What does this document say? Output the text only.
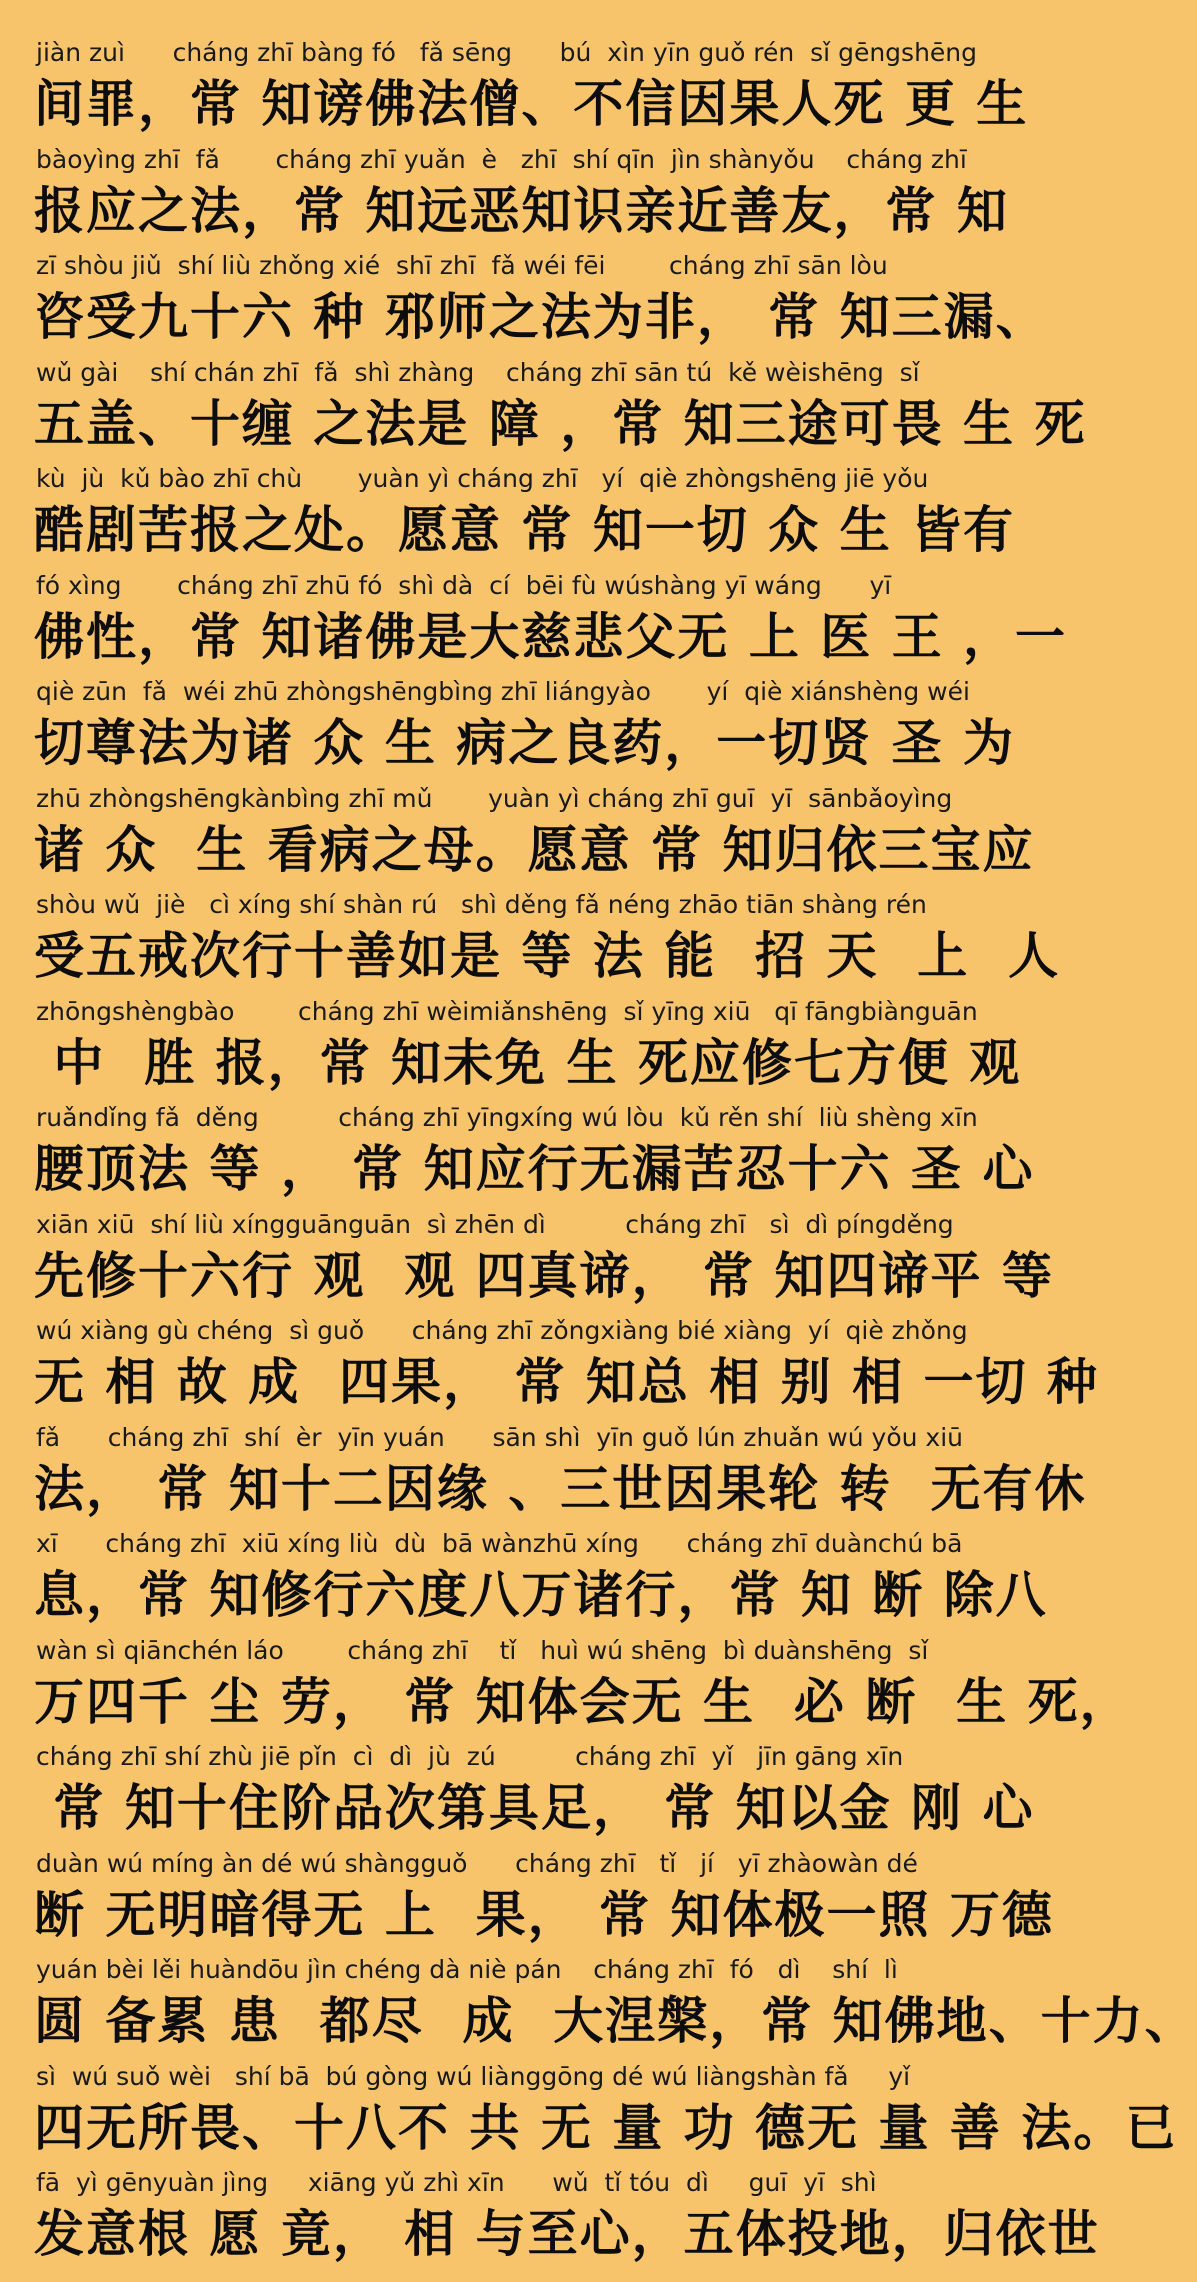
jiàn zuì      cháng zhī bàng fó   fǎ sēng      bú  xìn yīn guǒ rén  sǐ gēngshēng
间罪，常 知谤佛法僧、不信因果人死 更 生
bàoyìng zhī  fǎ       cháng zhī yuǎn  è   zhī  shí qīn  jìn shànyǒu    cháng zhī
报应之法，常 知远恶知识亲近善友，常 知
zī shòu jiǔ  shí liù zhǒng xié  shī zhī  fǎ wéi fēi        cháng zhī sān lòu
咨受九十六 种 邪师之法为非， 常 知三漏、
wǔ gài    shí chán zhī  fǎ  shì zhàng    cháng zhī sān tú  kě wèishēng  sǐ
五盖、十缠 之法是 障 ，常 知三途可畏 生 死
kù  jù  kǔ bào zhī chù       yuàn yì cháng zhī   yí  qiè zhòngshēng jiē yǒu
酷剧苦报之处。愿意 常 知一切 众 生 皆有
fó xìng       cháng zhī zhū fó  shì dà  cí  bēi fù wúshàng yī wáng      yī
佛性，常 知诸佛是大慈悲父无 上 医 王 ，一
qiè zūn  fǎ  wéi zhū zhòngshēngbìng zhī liángyào       yí  qiè xiánshèng wéi
切尊法为诸 众 生 病之良药，一切贤 圣 为
zhū zhòngshēngkànbìng zhī mǔ       yuàn yì cháng zhī guī  yī  sānbǎoyìng
诸 众  生 看病之母。愿意 常 知归依三宝应
shòu wǔ  jiè   cì xíng shí shàn rú   shì děng fǎ néng zhāo tiān shàng rén
受五戒次行十善如是 等 法 能  招 天  上  人
zhōngshèngbào        cháng zhī wèimiǎnshēng  sǐ yīng xiū   qī fāngbiànguān
中  胜 报，常 知未免 生 死应修七方便 观
ruǎndǐng fǎ  děng          cháng zhī yīngxíng wú lòu  kǔ rěn shí  liù shèng xīn
腰顶法 等 ， 常 知应行无漏苦忍十六 圣 心
xiān xiū  shí liù xíngguānguān  sì zhēn dì          cháng zhī   sì  dì píngděng
先修十六行 观  观 四真谛， 常 知四谛平 等
wú xiàng gù chéng  sì guǒ      cháng zhī zǒngxiàng bié xiàng  yí  qiè zhǒng
无 相 故 成  四果， 常 知总 相 别 相 一切 种
fǎ      cháng zhī  shí  èr  yīn yuán      sān shì  yīn guǒ lún zhuǎn wú yǒu xiū
法， 常 知十二因缘 、三世因果轮 转  无有休
xī      cháng zhī  xiū xíng liù  dù  bā wànzhū xíng      cháng zhī duànchú bā
息，常 知修行六度八万诸行，常 知 断 除八
wàn sì qiānchén láo        cháng zhī    tǐ   huì wú shēng  bì duànshēng  sǐ
万四千 尘 劳， 常 知体会无 生  必 断  生 死，
cháng zhī shí zhù jiē pǐn  cì  dì  jù  zú          cháng zhī  yǐ   jīn gāng xīn
常 知十住阶品次第具足， 常 知以金 刚 心
duàn wú míng àn dé wú shàngguǒ      cháng zhī   tǐ   jí   yī zhàowàn dé
断 无明暗得无 上  果， 常 知体极一照 万德
yuán bèi lěi huàndōu jìn chéng dà niè pán    cháng zhī  fó   dì    shí  lì
圆 备累 患  都尽  成  大涅槃，常 知佛地、十力、
sì  wú suǒ wèi   shí bā  bú gòng wú liànggōng dé wú liàngshàn fǎ     yǐ
四无所畏、十八不 共 无 量 功 德无 量 善 法。已
fā  yì gēnyuàn jìng     xiāng yǔ zhì xīn      wǔ  tǐ tóu  dì     guī  yī  shì
发意根 愿 竟， 相 与至心，五体投地，归依世
